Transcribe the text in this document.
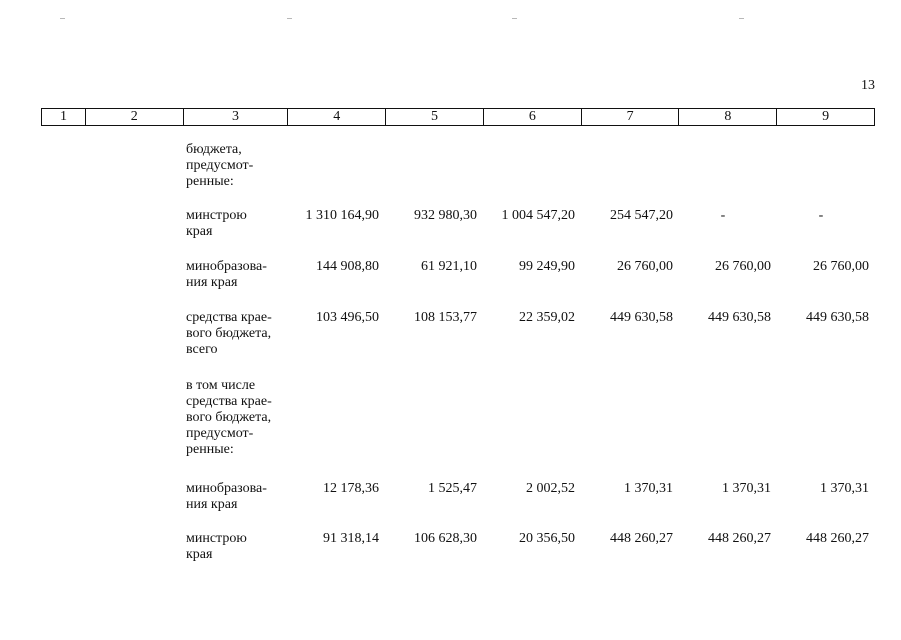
13
1	2	3	4	5	6	7	8	9
бюджета,
предусмот-
ренные:
минстрою
края
1 310 164,90	932 980,30	1 004 547,20	254 547,20	-	-
минобразова-
ния края
144 908,80	61 921,10	99 249,90	26 760,00	26 760,00	26 760,00
средства крае-
вого бюджета,
всего
103 496,50	108 153,77	22 359,02	449 630,58	449 630,58	449 630,58
в том числе
средства крае-
вого бюджета,
предусмот-
ренные:
минобразова-
ния края
12 178,36	1 525,47	2 002,52	1 370,31	1 370,31	1 370,31
минстрою
края
91 318,14	106 628,30	20 356,50	448 260,27	448 260,27	448 260,27
